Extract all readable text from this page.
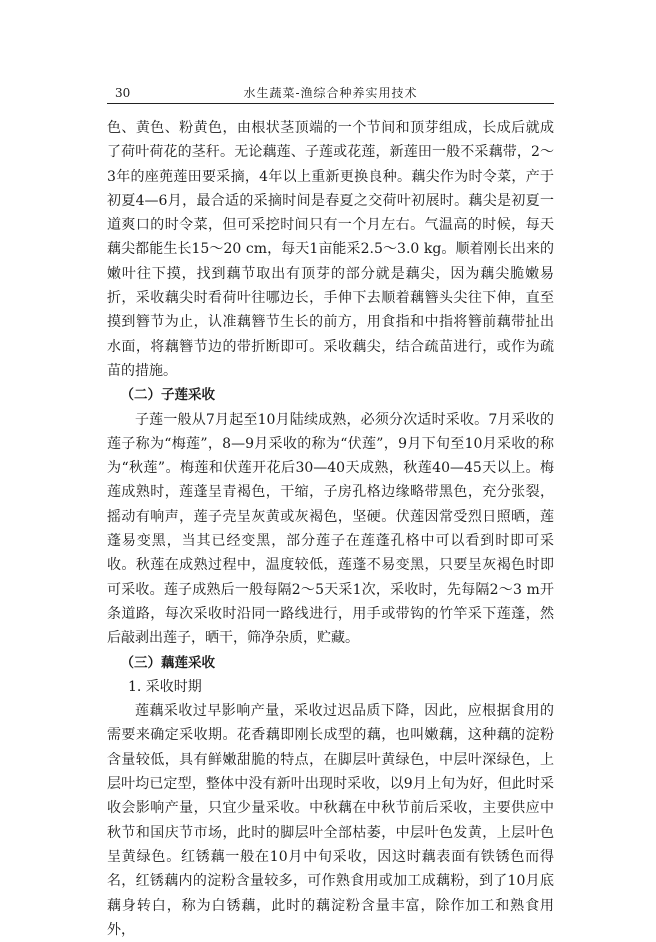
30	水生蔬菜-渔综合种养实用技术

色、黄色、粉黄色，由根状茎顶端的一个节间和顶芽组成，长成后就成了荷叶荷花的茎秆。无论藕莲、子莲或花莲，新莲田一般不采藕带，2～3年的座蔸莲田要采摘，4年以上重新更换良种。藕尖作为时令菜，产于初夏4—6月，最合适的采摘时间是春夏之交荷叶初展时。藕尖是初夏一道爽口的时令菜，但可采挖时间只有一个月左右。气温高的时候，每天藕尖都能生长15～20 cm，每天1亩能采2.5～3.0 kg。顺着刚长出来的嫩叶往下摸，找到藕节取出有顶芽的部分就是藕尖，因为藕尖脆嫩易折，采收藕尖时看荷叶往哪边长，手伸下去顺着藕簪头尖往下伸，直至摸到簪节为止，认准藕簪节生长的前方，用食指和中指将簪前藕带扯出水面，将藕簪节边的带折断即可。采收藕尖，结合疏苗进行，或作为疏苗的措施。

（二）子莲采收

子莲一般从7月起至10月陆续成熟，必须分次适时采收。7月采收的莲子称为“梅莲”，8—9月采收的称为“伏莲”，9月下旬至10月采收的称为“秋莲”。梅莲和伏莲开花后30—40天成熟，秋莲40—45天以上。梅莲成熟时，莲蓬呈青褐色，干缩，子房孔格边缘略带黑色，充分张裂，摇动有响声，莲子壳呈灰黄或灰褐色，坚硬。伏莲因常受烈日照晒，莲蓬易变黑，当其已经变黑，部分莲子在莲蓬孔格中可以看到时即可采收。秋莲在成熟过程中，温度较低，莲蓬不易变黑，只要呈灰褐色时即可采收。莲子成熟后一般每隔2～5天采1次，采收时，先每隔2～3 m开条道路，每次采收时沿同一路线进行，用手或带钩的竹竿采下莲蓬，然后敲剥出莲子，晒干，筛净杂质，贮藏。

（三）藕莲采收

1. 采收时期

莲藕采收过早影响产量，采收过迟品质下降，因此，应根据食用的需要来确定采收期。花香藕即刚长成型的藕，也叫嫩藕，这种藕的淀粉含量较低，具有鲜嫩甜脆的特点，在脚层叶黄绿色，中层叶深绿色，上层叶均已定型，整体中没有新叶出现时采收，以9月上旬为好，但此时采收会影响产量，只宜少量采收。中秋藕在中秋节前后采收，主要供应中秋节和国庆节市场，此时的脚层叶全部枯萎，中层叶色发黄，上层叶色呈黄绿色。红锈藕一般在10月中旬采收，因这时藕表面有铁锈色而得名，红锈藕内的淀粉含量较多，可作熟食用或加工成藕粉，到了10月底藕身转白，称为白锈藕，此时的藕淀粉含量丰富，除作加工和熟食用外，
